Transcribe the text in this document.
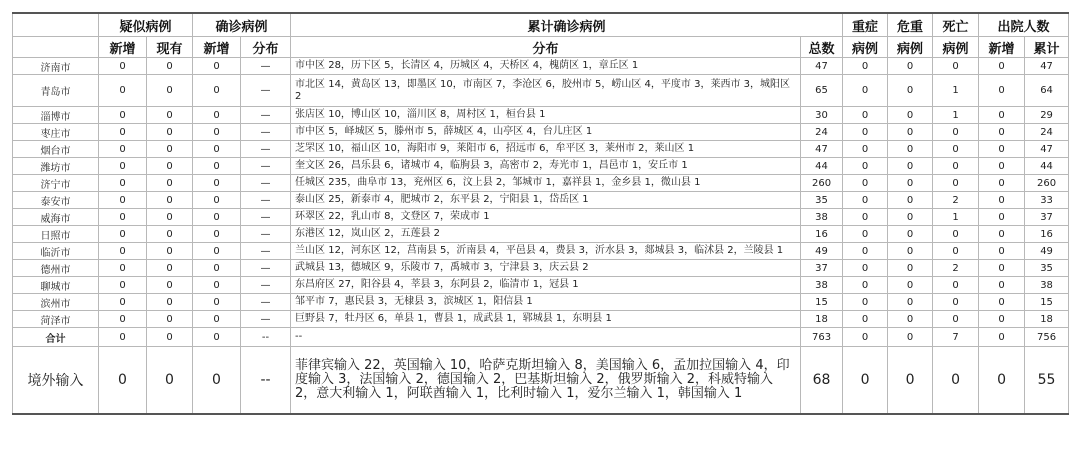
	疑似病例		确诊病例		累计确诊病例		重症	危重	死亡	出院人数	
	新增	现有	新增	分布	分布	总数	病例	病例	病例	新增	累计
济南市	0	0	0	—	市中区 28，历下区 5，长清区 4，历城区 4，天桥区 4，槐荫区 1，章丘区 1	47	0	0	0	0	47
青岛市	0	0	0	—	市北区 14，黄岛区 13，即墨区 10，市南区 7，李沧区 6，胶州市 5，崂山区 4，平度市 3，莱西市 3，城阳区 2	65	0	0	1	0	64
淄博市	0	0	0	—	张店区 10，博山区 10，淄川区 8，周村区 1，桓台县 1	30	0	0	1	0	29
枣庄市	0	0	0	—	市中区 5，峄城区 5，滕州市 5，薛城区 4，山亭区 4，台儿庄区 1	24	0	0	0	0	24
烟台市	0	0	0	—	芝罘区 10，福山区 10，海阳市 9，莱阳市 6，招远市 6，牟平区 3，莱州市 2，莱山区 1	47	0	0	0	0	47
潍坊市	0	0	0	—	奎文区 26，昌乐县 6，诸城市 4，临朐县 3，高密市 2，寿光市 1，昌邑市 1，安丘市 1	44	0	0	0	0	44
济宁市	0	0	0	—	任城区 235，曲阜市 13，兖州区 6，汶上县 2，邹城市 1，嘉祥县 1，金乡县 1，微山县 1	260	0	0	0	0	260
泰安市	0	0	0	—	泰山区 25，新泰市 4，肥城市 2，东平县 2，宁阳县 1，岱岳区 1	35	0	0	2	0	33
威海市	0	0	0	—	环翠区 22，乳山市 8，文登区 7，荣成市 1	38	0	0	1	0	37
日照市	0	0	0	—	东港区 12，岚山区 2，五莲县 2	16	0	0	0	0	16
临沂市	0	0	0	—	兰山区 12，河东区 12，莒南县 5，沂南县 4，平邑县 4，费县 3，沂水县 3，郯城县 3，临沭县 2，兰陵县 1	49	0	0	0	0	49
德州市	0	0	0	—	武城县 13，德城区 9，乐陵市 7，禹城市 3，宁津县 3，庆云县 2	37	0	0	2	0	35
聊城市	0	0	0	—	东昌府区 27，阳谷县 4，莘县 3，东阿县 2，临清市 1，冠县 1	38	0	0	0	0	38
滨州市	0	0	0	—	邹平市 7，惠民县 3，无棣县 3，滨城区 1，阳信县 1	15	0	0	0	0	15
菏泽市	0	0	0	—	巨野县 7，牡丹区 6，单县 1，曹县 1，成武县 1，郓城县 1，东明县 1	18	0	0	0	0	18
合计	0	0	0	--	--	763	0	0	7	0	756
境外输入	0	0	0	--	菲律宾输入 22，英国输入 10，哈萨克斯坦输入 8，美国输入 6，孟加拉国输入 4，印度输入 3，法国输入 2，德国输入 2，巴基斯坦输入 2，俄罗斯输入 2，科威特输入 2，意大利输入 1，阿联酋输入 1，比利时输入 1，爱尔兰输入 1，韩国输入 1	68	0	0	0	0	55
